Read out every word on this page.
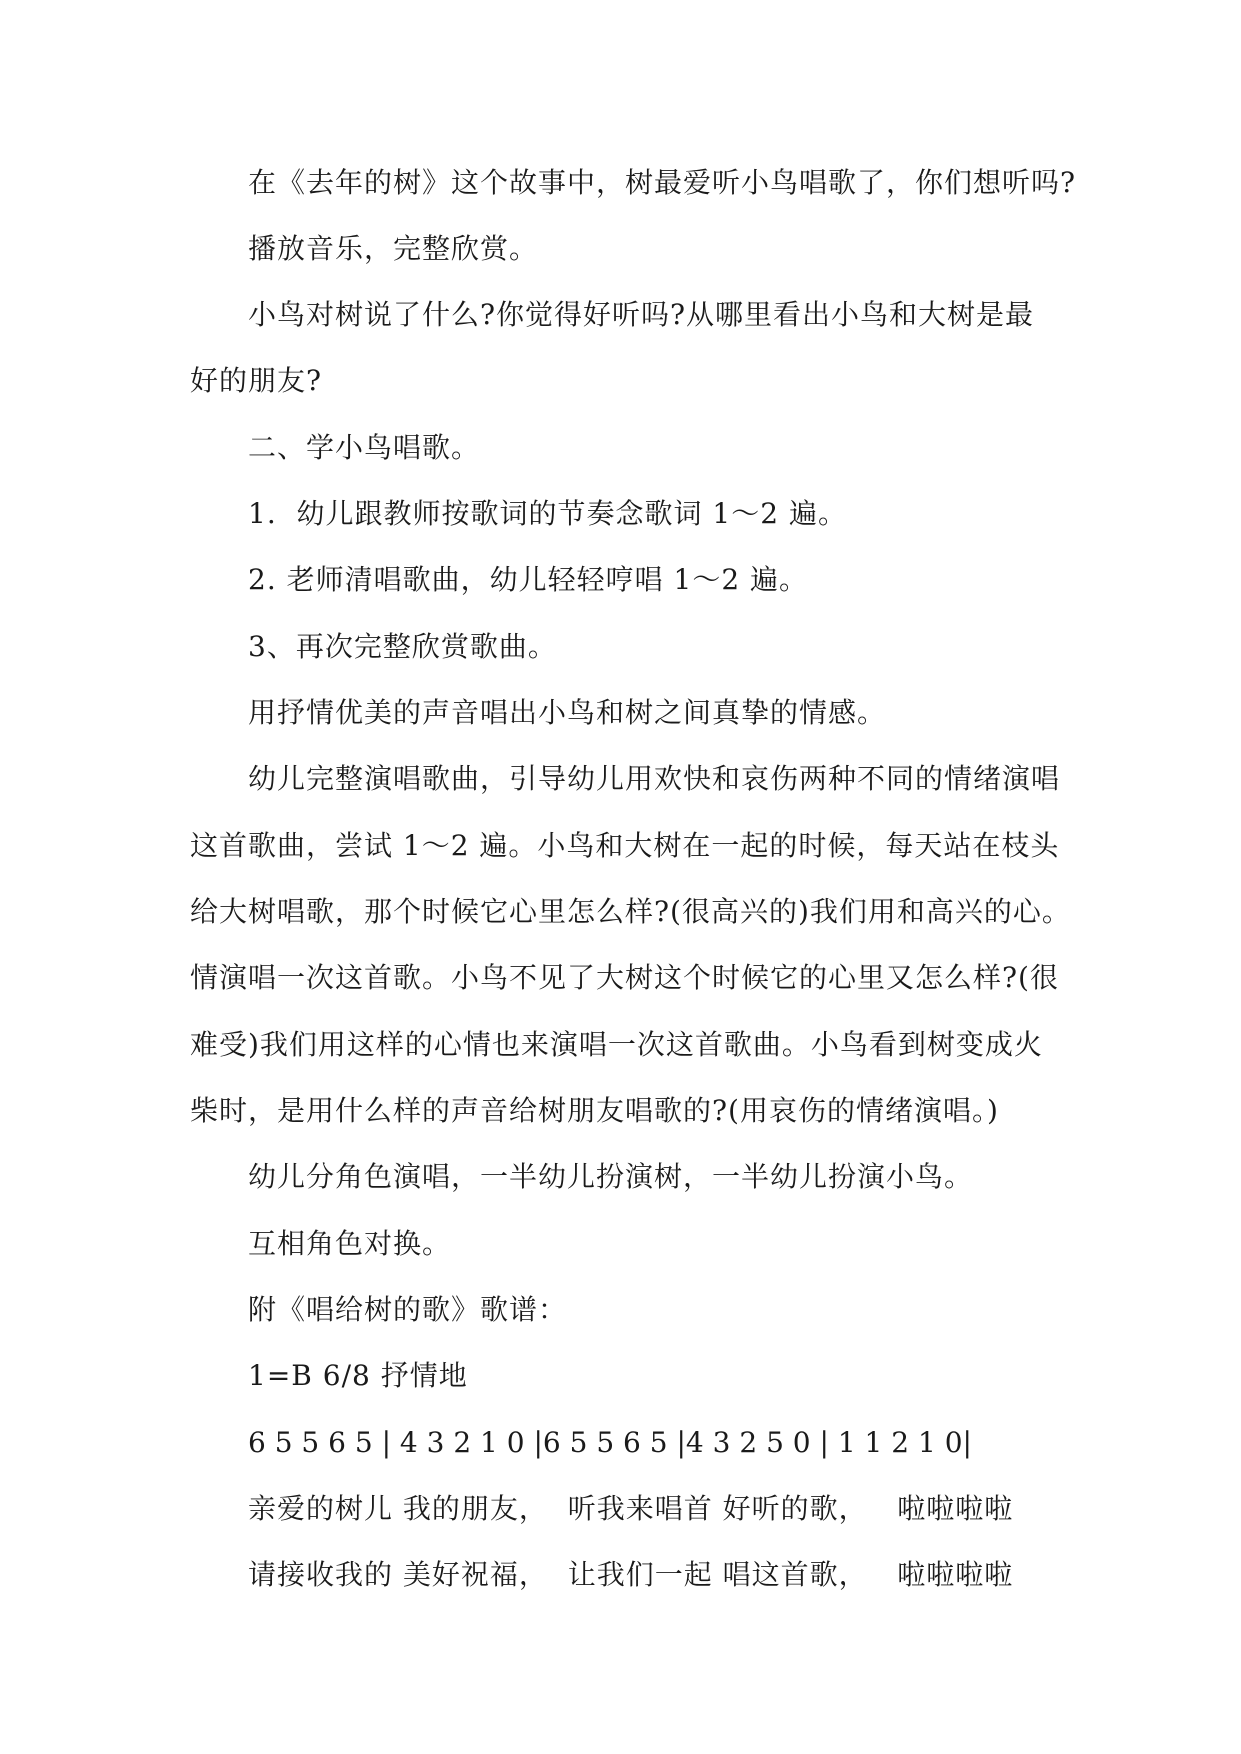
在《去年的树》这个故事中，树最爱听小鸟唱歌了，你们想听吗?
播放音乐，完整欣赏。
小鸟对树说了什么?你觉得好听吗?从哪里看出小鸟和大树是最
好的朋友?
二、学小鸟唱歌。
1.  幼儿跟教师按歌词的节奏念歌词 1～2 遍。
2. 老师清唱歌曲，幼儿轻轻哼唱 1～2 遍。
3、再次完整欣赏歌曲。
用抒情优美的声音唱出小鸟和树之间真挚的情感。
幼儿完整演唱歌曲，引导幼儿用欢快和哀伤两种不同的情绪演唱
这首歌曲，尝试 1～2 遍。小鸟和大树在一起的时候，每天站在枝头
给大树唱歌，那个时候它心里怎么样?(很高兴的)我们用和高兴的心。
情演唱一次这首歌。小鸟不见了大树这个时候它的心里又怎么样?(很
难受)我们用这样的心情也来演唱一次这首歌曲。小鸟看到树变成火
柴时，是用什么样的声音给树朋友唱歌的?(用哀伤的情绪演唱。)
幼儿分角色演唱，一半幼儿扮演树，一半幼儿扮演小鸟。
互相角色对换。
附《唱给树的歌》歌谱：
1=B 6/8 抒情地
6 5 5 6 5 | 4 3 2 1 0 |6 5 5 6 5 |4 3 2 5 0 | 1 1 2 1 0|
亲爱的树儿 我的朋友，  听我来唱首 好听的歌，   啦啦啦啦
请接收我的 美好祝福，  让我们一起 唱这首歌，   啦啦啦啦
